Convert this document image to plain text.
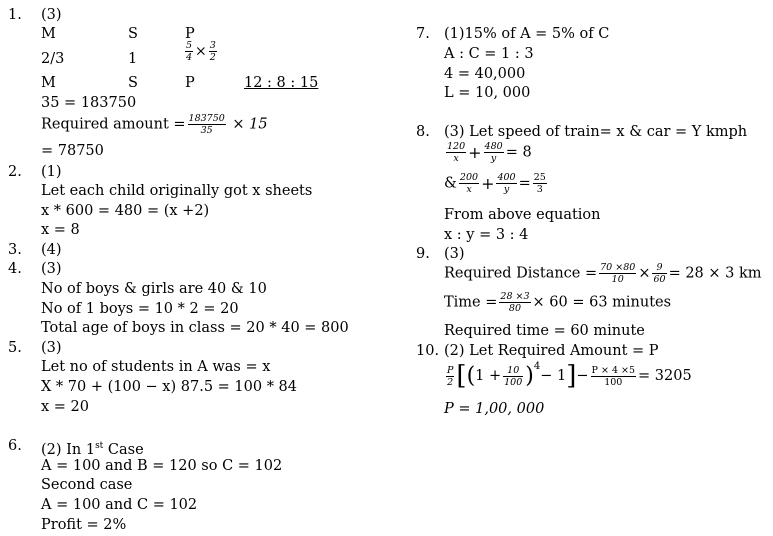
1. (3)
M	S	P
2/3	1	$\frac{5}{4} \times \frac{3}{2}$
M	S	P	12 : 8 : 15
35 = 183750
Required amount = $\frac{183750}{35} \times 15$
= 78750
2. (1)
Let each child originally got x sheets
x * 600 = 480 = (x +2)
x = 8
3. (4)
4. (3)
No of boys & girls are 40 & 10
No of 1 boys = 10 * 2 = 20
Total age of boys in class = 20 * 40 = 800
5. (3)
Let no of students in A was = x
X * 70 + (100 − x) 87.5 = 100 * 84
x = 20
6. (2) In 1st Case
A = 100 and B = 120 so C = 102
Second case
A = 100 and C = 102
Profit = 2%
7. (1)15% of A = 5% of C
A : C = 1 : 3
4 = 40,000
L = 10, 000
8. (3) Let speed of train= x & car = Y kmph
$\frac{120}{x} + \frac{480}{y} = 8$
& $\frac{200}{x} + \frac{400}{y} = \frac{25}{3}$
From above equation
x : y = 3 : 4
9. (3)
Required Distance = $\frac{70 \times 80}{10} \times \frac{9}{60} = 28 \times 3$ km
Time = $\frac{28 \times 3}{80} \times 60 = 63$ minutes
Required time = 60 minute
10. (2) Let Required Amount = P
$\frac{P}{2} [(1 + \frac{10}{100} )^4- 1]- \frac{P \times 4 \times 5}{100} = 3205$
P = 1,00, 000
